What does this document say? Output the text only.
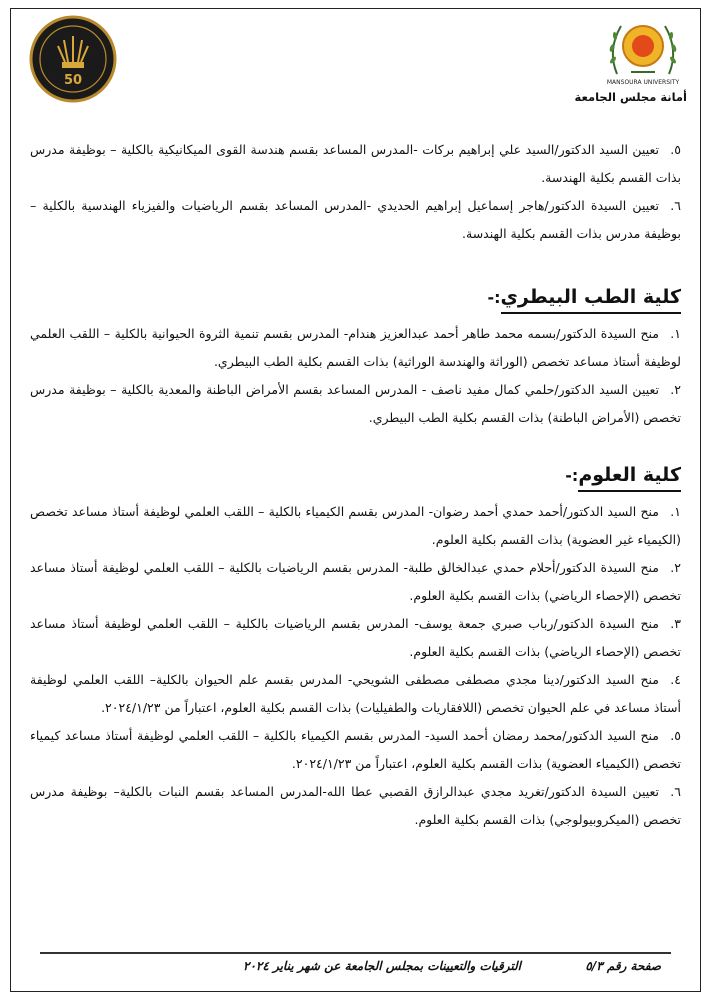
MANSOURA UNIVERSITY
أمانة مجلس الجامعة
50

٥.تعيين السيد الدكتور/السيد علي إبراهيم بركات -المدرس المساعد بقسم هندسة القوى الميكانيكية بالكلية – بوظيفة مدرس بذات القسم بكلية الهندسة.

٦.تعيين السيدة الدكتور/هاجر إسماعيل إبراهيم الحديدي -المدرس المساعد بقسم الرياضيات والفيزياء الهندسية بالكلية – بوظيفة مدرس بذات القسم بكلية الهندسة.

كلية الطب البيطري:-

١.منح السيدة الدكتور/بسمه محمد طاهر أحمد عبدالعزيز هندام- المدرس بقسم تنمية الثروة الحيوانية بالكلية – اللقب العلمي لوظيفة أستاذ مساعد تخصص (الوراثة والهندسة الوراثية) بذات القسم بكلية الطب البيطري.

٢.تعيين السيد الدكتور/حلمي كمال مفيد ناصف - المدرس المساعد بقسم الأمراض الباطنة والمعدية بالكلية – بوظيفة مدرس تخصص (الأمراض الباطنة) بذات القسم بكلية الطب البيطري.

كلية العلوم:-

١.منح السيد الدكتور/أحمد حمدي أحمد رضوان- المدرس بقسم الكيمياء بالكلية – اللقب العلمي لوظيفة أستاذ مساعد تخصص (الكيمياء غير العضوية) بذات القسم بكلية العلوم.

٢.منح السيدة الدكتور/أحلام حمدي عبدالخالق طلبة- المدرس بقسم الرياضيات بالكلية – اللقب العلمي لوظيفة أستاذ مساعد تخصص (الإحصاء الرياضي) بذات القسم بكلية العلوم.

٣.منح السيدة الدكتور/رباب صبري جمعة يوسف- المدرس بقسم الرياضيات بالكلية – اللقب العلمي لوظيفة أستاذ مساعد تخصص (الإحصاء الرياضي) بذات القسم بكلية العلوم.

٤.منح السيد الدكتور/دينا مجدي مصطفى مصطفى الشويحي- المدرس بقسم علم الحيوان بالكلية– اللقب العلمي لوظيفة أستاذ مساعد في علم الحيوان تخصص (اللافقاريات والطفيليات) بذات القسم بكلية العلوم، اعتباراً من ٢٠٢٤/١/٢٣.

٥.منح السيد الدكتور/محمد رمضان أحمد السيد- المدرس بقسم الكيمياء بالكلية – اللقب العلمي لوظيفة أستاذ مساعد كيمياء تخصص (الكيمياء العضوية) بذات القسم بكلية العلوم، اعتباراً من ٢٠٢٤/١/٢٣.

٦.تعيين السيدة الدكتور/تغريد مجدي عبدالرازق القصبي عطا الله-المدرس المساعد بقسم النبات بالكلية– بوظيفة مدرس تخصص (الميكروبيولوجي) بذات القسم بكلية العلوم.

الترقيات والتعيينات بمجلس الجامعة عن شهر يناير ٢٠٢٤	صفحة رقم ٥/٣
